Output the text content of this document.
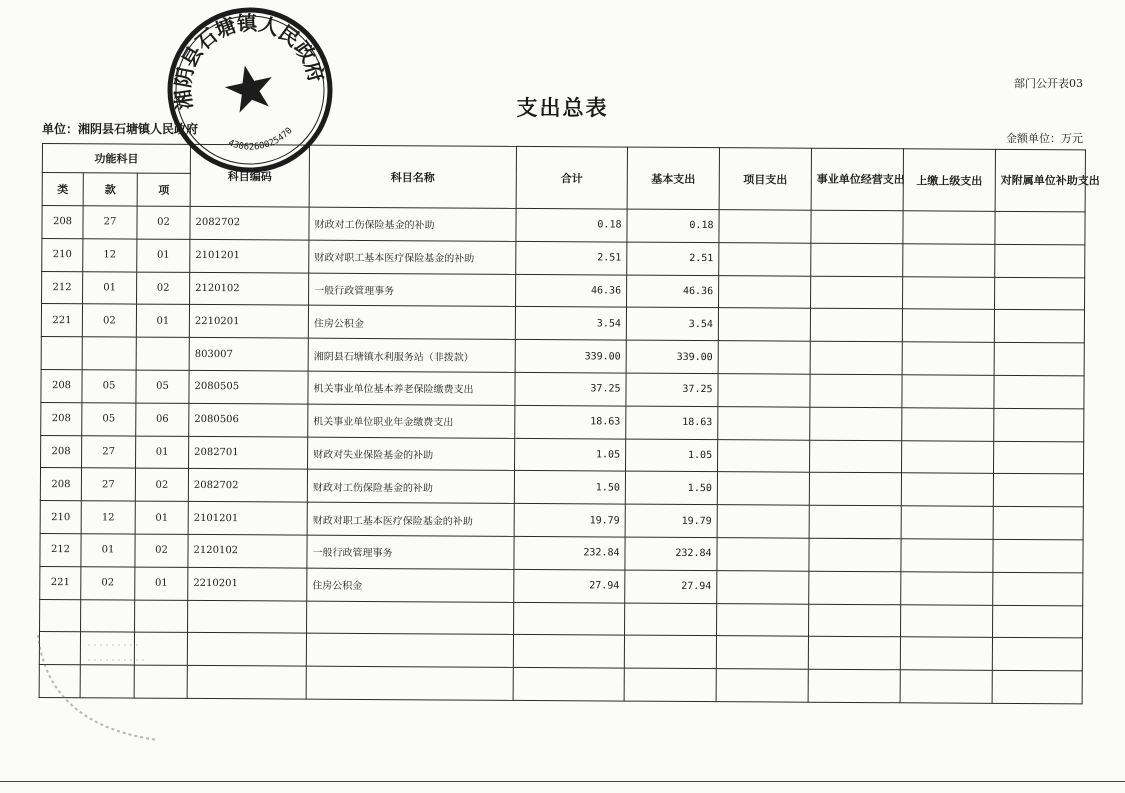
部门公开表03
支出总表
单位：湘阴县石塘镇人民政府
金额单位：万元
功能科目			科目编码	科目名称	合计	基本支出	项目支出	事业单位经营支出	上缴上级支出	对附属单位补助支出
类	款	项								
208	27	02	2082702	财政对工伤保险基金的补助	0.18	0.18				
210	12	01	2101201	财政对职工基本医疗保险基金的补助	2.51	2.51				
212	01	02	2120102	一般行政管理事务	46.36	46.36				
221	02	01	2210201	住房公积金	3.54	3.54				
			803007	湘阴县石塘镇水利服务站（非拨款）	339.00	339.00				
208	05	05	2080505	机关事业单位基本养老保险缴费支出	37.25	37.25				
208	05	06	2080506	机关事业单位职业年金缴费支出	18.63	18.63				
208	27	01	2082701	财政对失业保险基金的补助	1.05	1.05				
208	27	02	2082702	财政对工伤保险基金的补助	1.50	1.50				
210	12	01	2101201	财政对职工基本医疗保险基金的补助	19.79	19.79				
212	01	02	2120102	一般行政管理事务	232.84	232.84				
221	02	01	2210201	住房公积金	27.94	27.94				

湘阴县石塘镇人民政府
4306260025470
